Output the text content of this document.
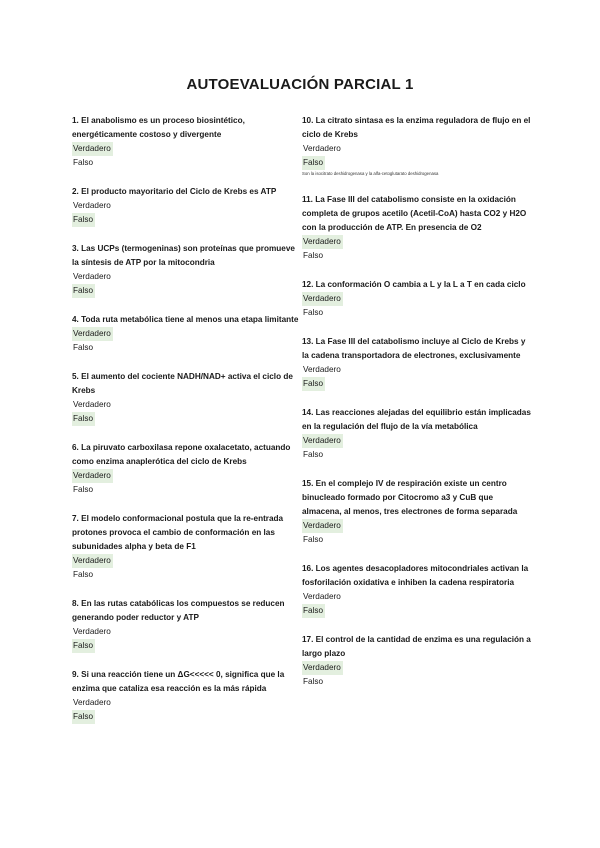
AUTOEVALUACIÓN PARCIAL 1
1. El anabolismo es un proceso biosintético, energéticamente costoso y divergente
Verdadero
Falso
2. El producto mayoritario del Ciclo de Krebs es ATP
Verdadero
Falso
3. Las UCPs (termogeninas) son proteínas que promueve la síntesis de ATP por la mitocondria
Verdadero
Falso
4. Toda ruta metabólica tiene al menos una etapa limitante
Verdadero
Falso
5. El aumento del cociente NADH/NAD+ activa el ciclo de Krebs
Verdadero
Falso
6. La piruvato carboxilasa repone oxalacetato, actuando como enzima anaplerótica del ciclo de Krebs
Verdadero
Falso
7. El modelo conformacional postula que la re-entrada protones provoca el cambio de conformación en las subunidades alpha y beta de F1
Verdadero
Falso
8. En las rutas catabólicas los compuestos se reducen generando poder reductor y ATP
Verdadero
Falso
9. Si una reacción tiene un ΔG<<<<< 0, significa que la enzima que cataliza esa reacción es la más rápida
Verdadero
Falso
10. La citrato sintasa es la enzima reguladora de flujo en el ciclo de Krebs
Verdadero
Falso
Son la isocitrato deshidrogenasa y la alfa-cetoglutarato deshidrogenasa
11. La Fase III del catabolismo consiste en la oxidación completa de grupos acetilo (Acetil-CoA) hasta CO2 y H2O con la producción de ATP. En presencia de O2
Verdadero
Falso
12. La conformación O cambia a L y la L a T en cada ciclo
Verdadero
Falso
13. La Fase III del catabolismo incluye al Ciclo de Krebs y la cadena transportadora de electrones, exclusivamente
Verdadero
Falso
14. Las reacciones alejadas del equilibrio están implicadas en la regulación del flujo de la vía metabólica
Verdadero
Falso
15. En el complejo IV de respiración existe un centro binucleado formado por Citocromo a3 y CuB que almacena, al menos, tres electrones de forma separada
Verdadero
Falso
16. Los agentes desacopladores mitocondriales activan la fosforilación oxidativa e inhiben la cadena respiratoria
Verdadero
Falso
17. El control de la cantidad de enzima es una regulación a largo plazo
Verdadero
Falso
